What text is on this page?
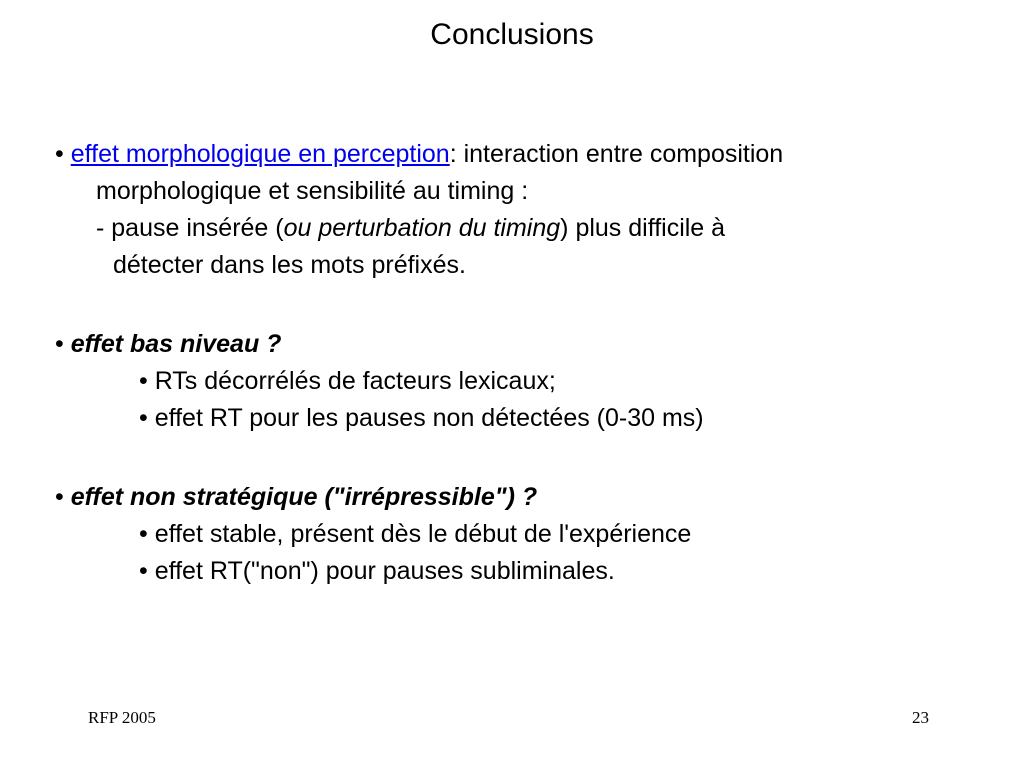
Conclusions
• effet morphologique en perception: interaction entre composition
morphologique et sensibilité au timing :
- pause insérée (ou perturbation du timing) plus difficile à
détecter dans les mots préfixés.
• effet bas niveau ?
• RTs décorrélés de facteurs lexicaux;
• effet RT pour les pauses non détectées (0-30 ms)
• effet non stratégique ("irrépressible") ?
• effet stable, présent dès le début de l'expérience
• effet RT("non") pour pauses subliminales.
RFP 2005	23
